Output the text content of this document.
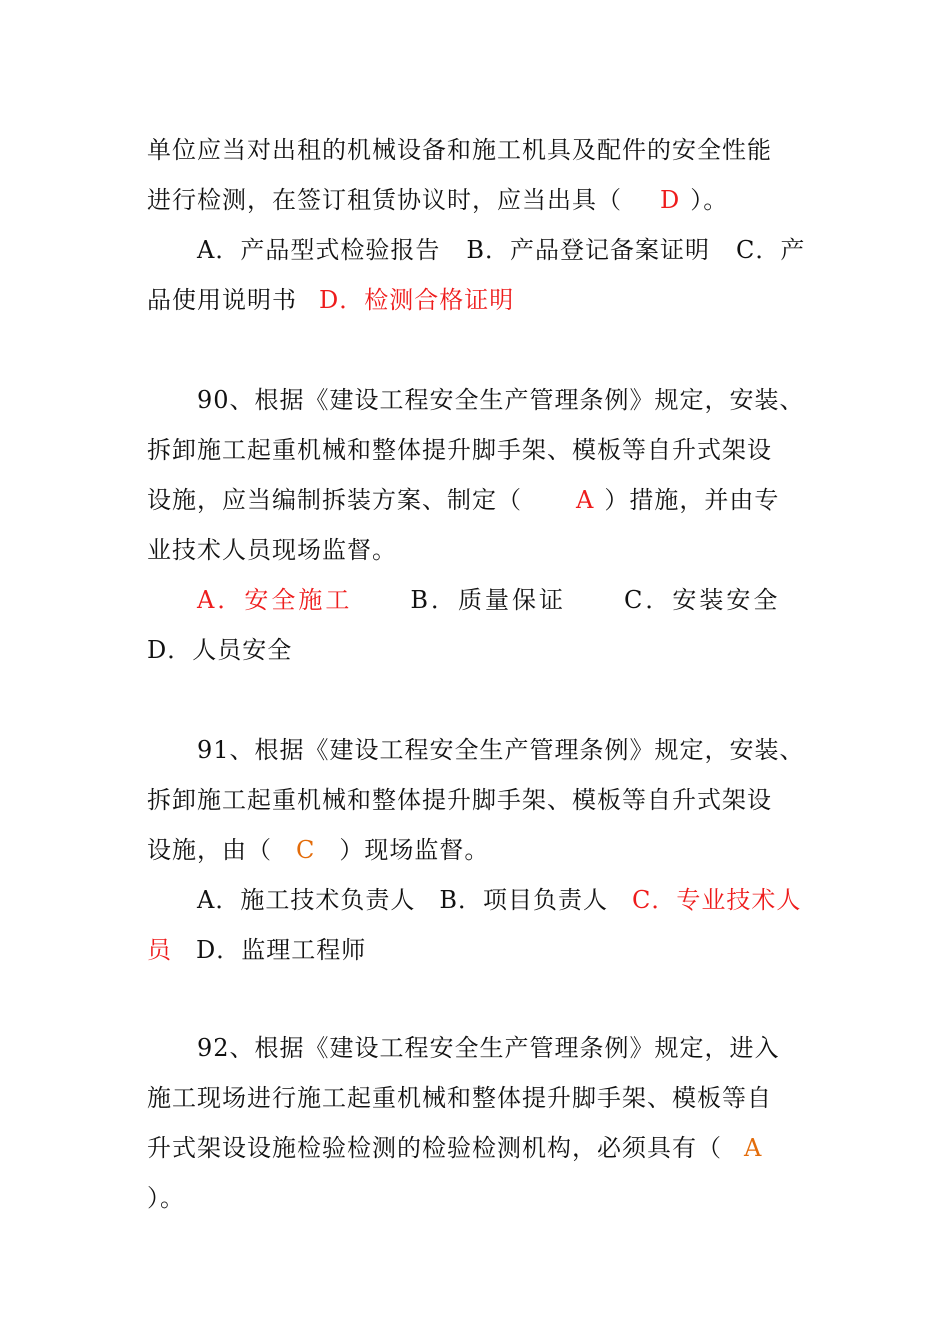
单位应当对出租的机械设备和施工机具及配件的安全性能
进行检测，在签订租赁协议时，应当出具（ D ）。
A．产品型式检验报告 B．产品登记备案证明 C．产
品使用说明书 D．检测合格证明
90、根据《建设工程安全生产管理条例》规定，安装、
拆卸施工起重机械和整体提升脚手架、模板等自升式架设
设施，应当编制拆装方案、制定（ A ）措施，并由专
业技术人员现场监督。
A．安全施工 B．质量保证 C．安装安全
D．人员安全
91、根据《建设工程安全生产管理条例》规定，安装、
拆卸施工起重机械和整体提升脚手架、模板等自升式架设
设施，由（ C ）现场监督。
A．施工技术负责人 B．项目负责人 C．专业技术人
员 D．监理工程师
92、根据《建设工程安全生产管理条例》规定，进入
施工现场进行施工起重机械和整体提升脚手架、模板等自
升式架设设施检验检测的检验检测机构，必须具有（ A
）。
